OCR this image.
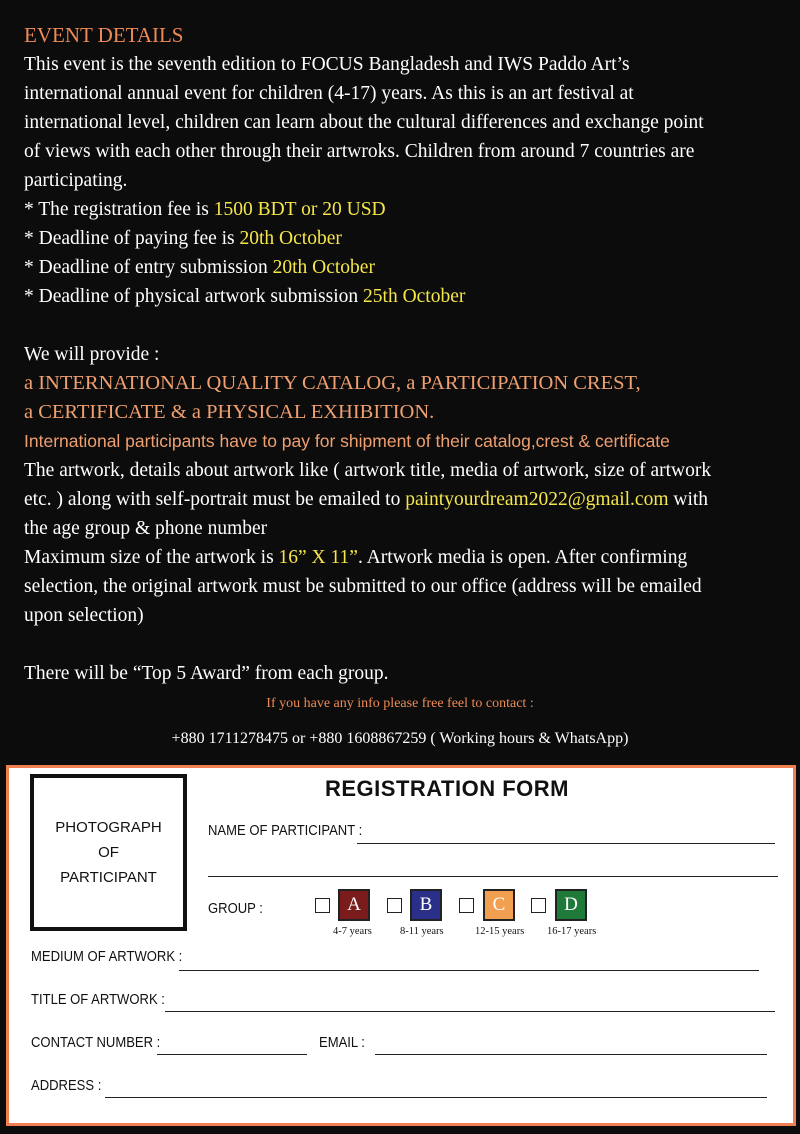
EVENT DETAILS
This event is the seventh edition to FOCUS Bangladesh and IWS Paddo Art’s
international annual event for children (4-17) years. As this is an art festival at
international level, children can learn about the cultural differences and exchange point
of views with each other through their artwroks. Children from around 7 countries are
participating.
* The registration fee is 1500 BDT or 20 USD
* Deadline of paying fee is 20th October
* Deadline of entry submission 20th October
* Deadline of physical artwork submission 25th October
We will provide :
a INTERNATIONAL QUALITY CATALOG, a PARTICIPATION CREST,
a CERTIFICATE & a PHYSICAL EXHIBITION.
International participants have to pay for shipment of their catalog,crest & certificate
The artwork, details about artwork like ( artwork title, media of artwork, size of artwork
etc. ) along with self-portrait must be emailed to paintyourdream2022@gmail.com with
the age group & phone number
Maximum size of the artwork is 16” X 11”. Artwork media is open. After confirming
selection, the original artwork must be submitted to our office (address will be emailed
upon selection)
There will be “Top 5 Award” from each group.
If you have any info please free feel to contact :
+880 1711278475 or +880 1608867259 ( Working hours & WhatsApp)
PHOTOGRAPH
OF
PARTICIPANT
REGISTRATION FORM
NAME OF PARTICIPANT :
GROUP :	A
4-7 years
B
8-11 years
C
12-15 years
D
16-17 years
MEDIUM OF ARTWORK :
TITLE OF ARTWORK :
CONTACT NUMBER :	EMAIL :
ADDRESS :
